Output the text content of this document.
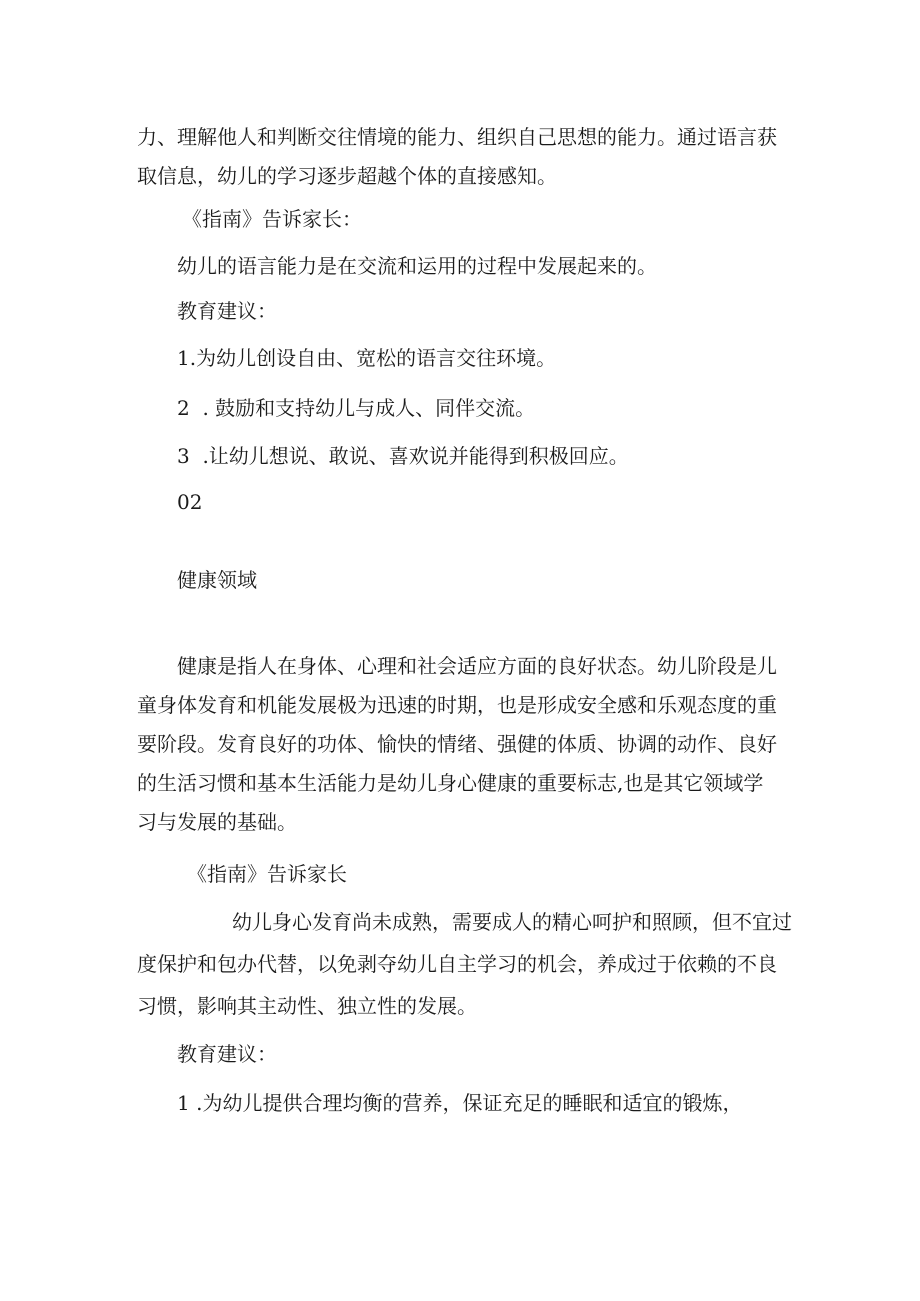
力、理解他人和判断交往情境的能力、组织自己思想的能力。通过语言获

取信息，幼儿的学习逐步超越个体的直接感知。

《指南》告诉家长：

幼儿的语言能力是在交流和运用的过程中发展起来的。

教育建议：

1.为幼儿创设自由、宽松的语言交往环境。

2  . 鼓励和支持幼儿与成人、同伴交流。

3  .让幼儿想说、敢说、喜欢说并能得到积极回应。

02

健康领域

健康是指人在身体、心理和社会适应方面的良好状态。幼儿阶段是儿

童身体发育和机能发展极为迅速的时期，也是形成安全感和乐观态度的重

要阶段。发育良好的功体、愉快的情绪、强健的体质、协调的动作、良好

的生活习惯和基本生活能力是幼儿身心健康的重要标志,也是其它领域学

习与发展的基础。

《指南》告诉家长

幼儿身心发育尚未成熟，需要成人的精心呵护和照顾，但不宜过

度保护和包办代替，以免剥夺幼儿自主学习的机会，养成过于依赖的不良

习惯，影响其主动性、独立性的发展。

教育建议：

1 .为幼儿提供合理均衡的营养，保证充足的睡眠和适宜的锻炼，
